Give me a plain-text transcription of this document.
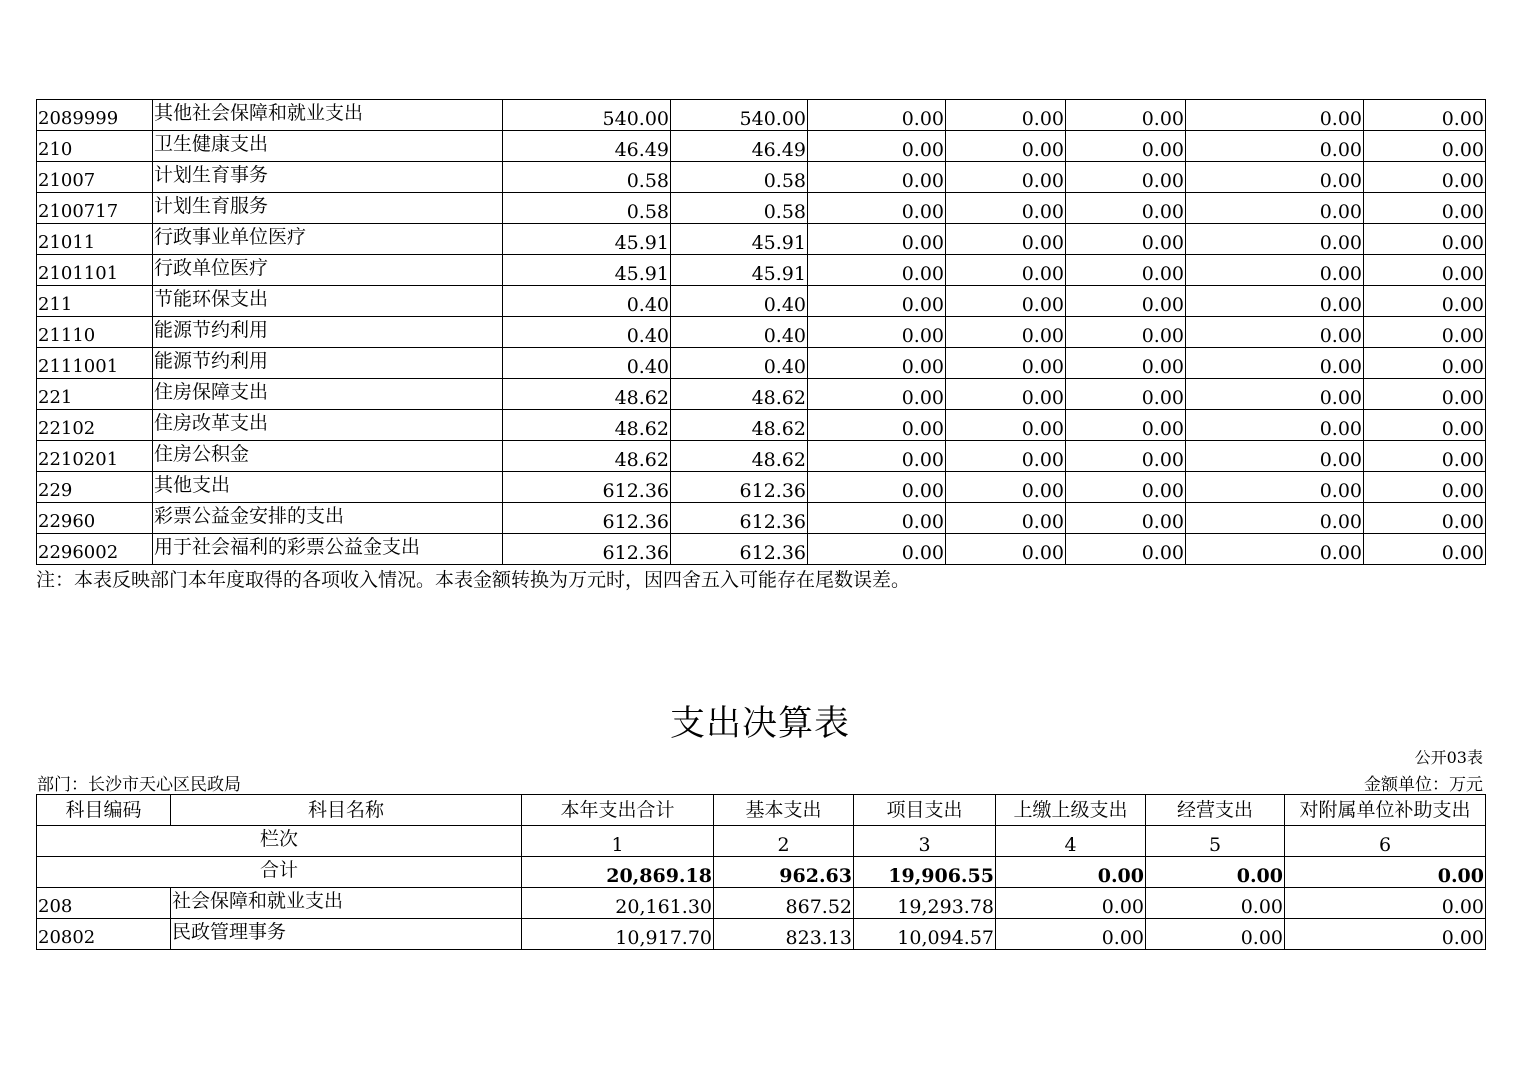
2089999	其他社会保障和就业支出	540.00	540.00	0.00	0.00	0.00	0.00	0.00
210	卫生健康支出	46.49	46.49	0.00	0.00	0.00	0.00	0.00
21007	计划生育事务	0.58	0.58	0.00	0.00	0.00	0.00	0.00
2100717	计划生育服务	0.58	0.58	0.00	0.00	0.00	0.00	0.00
21011	行政事业单位医疗	45.91	45.91	0.00	0.00	0.00	0.00	0.00
2101101	行政单位医疗	45.91	45.91	0.00	0.00	0.00	0.00	0.00
211	节能环保支出	0.40	0.40	0.00	0.00	0.00	0.00	0.00
21110	能源节约利用	0.40	0.40	0.00	0.00	0.00	0.00	0.00
2111001	能源节约利用	0.40	0.40	0.00	0.00	0.00	0.00	0.00
221	住房保障支出	48.62	48.62	0.00	0.00	0.00	0.00	0.00
22102	住房改革支出	48.62	48.62	0.00	0.00	0.00	0.00	0.00
2210201	住房公积金	48.62	48.62	0.00	0.00	0.00	0.00	0.00
229	其他支出	612.36	612.36	0.00	0.00	0.00	0.00	0.00
22960	彩票公益金安排的支出	612.36	612.36	0.00	0.00	0.00	0.00	0.00
2296002	用于社会福利的彩票公益金支出	612.36	612.36	0.00	0.00	0.00	0.00	0.00
注：本表反映部门本年度取得的各项收入情况。本表金额转换为万元时，因四舍五入可能存在尾数误差。
支出决算表
公开03表
部门：长沙市天心区民政局	金额单位：万元
科目编码	科目名称	本年支出合计	基本支出	项目支出	上缴上级支出	经营支出	对附属单位补助支出
栏次		1	2	3	4	5	6
合计		20,869.18	962.63	19,906.55	0.00	0.00	0.00
208	社会保障和就业支出	20,161.30	867.52	19,293.78	0.00	0.00	0.00
20802	民政管理事务	10,917.70	823.13	10,094.57	0.00	0.00	0.00
